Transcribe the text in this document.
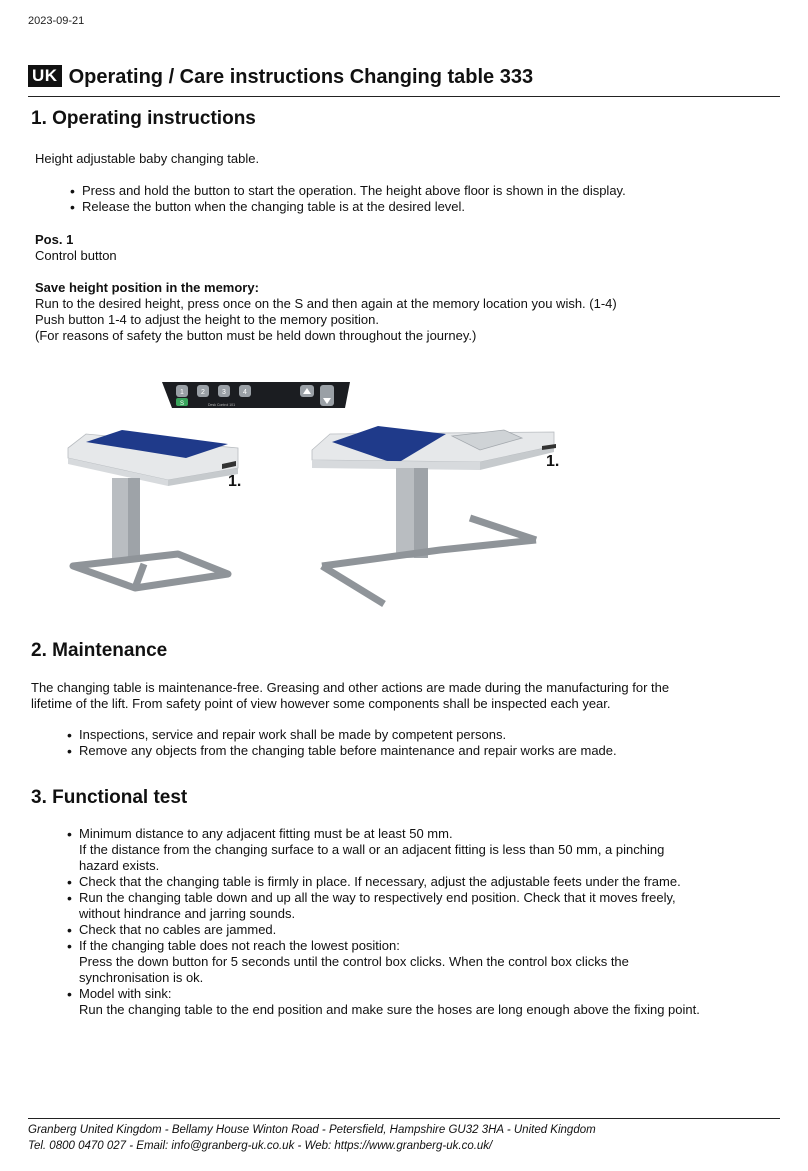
2023-09-21
UK Operating / Care instructions Changing table 333
1. Operating instructions
Height adjustable baby changing table.
• Press and hold the button to start the operation. The height above floor is shown in the display.
• Release the button when the changing table is at the desired level.
Pos. 1
Control button
Save height position in the memory:
Run to the desired height, press once on the S and then again at the memory location you wish. (1-4)
Push button 1-4 to adjust the height to the memory position.
(For reasons of safety the button must be held down throughout the journey.)
1 2 3 4
S	Desk Control 101
1.
1.
2. Maintenance
The changing table is maintenance-free. Greasing and other actions are made during the manufacturing for the
lifetime of the lift. From safety point of view however some components shall be inspected each year.
• Inspections, service and repair work shall be made by competent persons.
• Remove any objects from the changing table before maintenance and repair works are made.
3. Functional test
• Minimum distance to any adjacent fitting must be at least 50 mm.
If the distance from the changing surface to a wall or an adjacent fitting is less than 50 mm, a pinching
hazard exists.
• Check that the changing table is firmly in place. If necessary, adjust the adjustable feets under the frame.
• Run the changing table down and up all the way to respectively end position. Check that it moves freely,
without hindrance and jarring sounds.
• Check that no cables are jammed.
• If the changing table does not reach the lowest position:
Press the down button for 5 seconds until the control box clicks. When the control box clicks the
synchronisation is ok.
• Model with sink:
Run the changing table to the end position and make sure the hoses are long enough above the fixing point.
Granberg United Kingdom - Bellamy House Winton Road - Petersfield, Hampshire GU32 3HA - United Kingdom
Tel. 0800 0470 027 - Email: info@granberg-uk.co.uk - Web: https://www.granberg-uk.co.uk/
